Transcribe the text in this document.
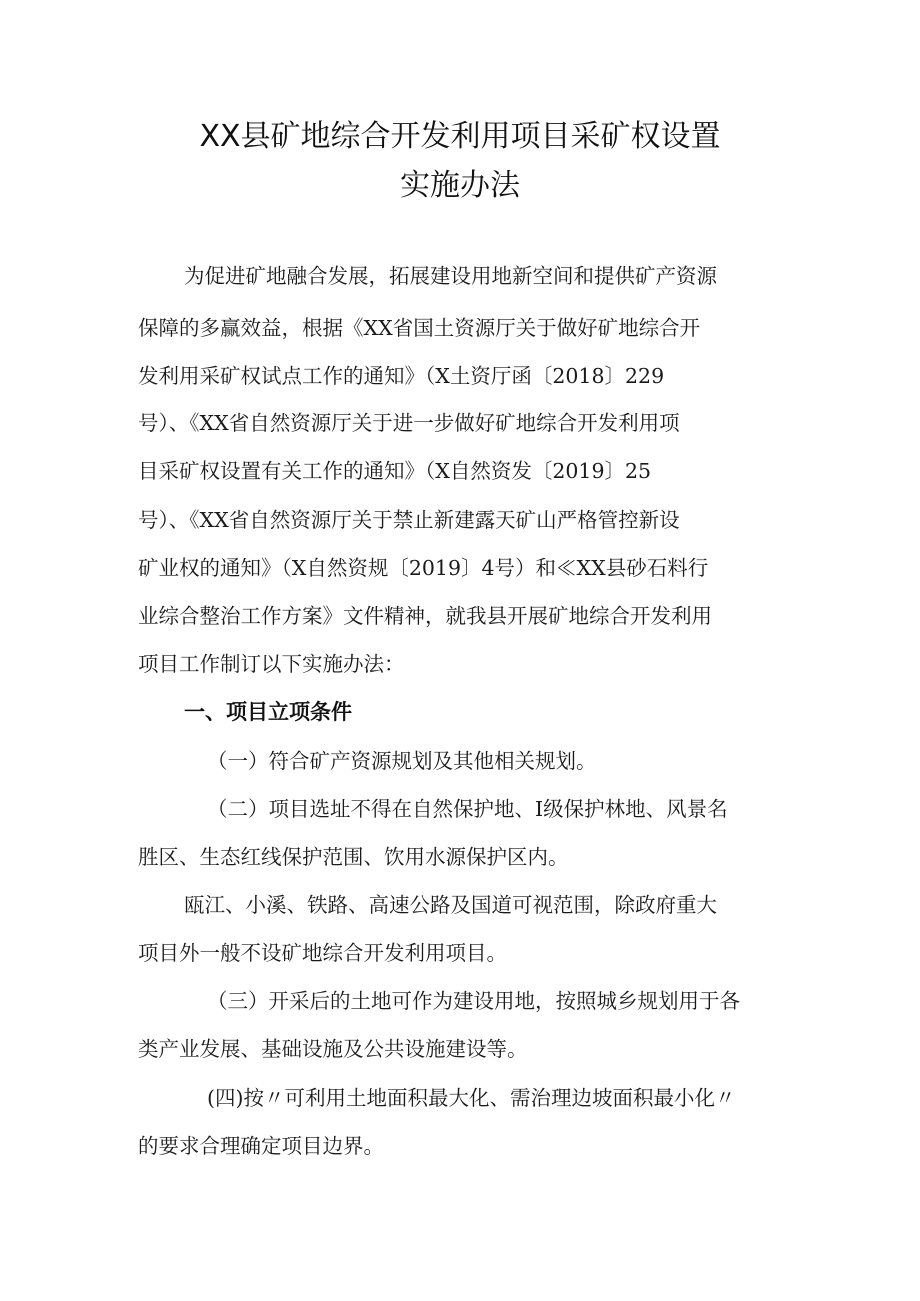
XX县矿地综合开发利用项目采矿权设置
实施办法
为促进矿地融合发展，拓展建设用地新空间和提供矿产资源
保障的多赢效益，根据《XX省国土资源厅关于做好矿地综合开
发利用采矿权试点工作的通知》（X土资厅函〔2018〕229
号）、《XX省自然资源厅关于进一步做好矿地综合开发利用项
目采矿权设置有关工作的通知》（X自然资发〔2019〕25
号）、《XX省自然资源厅关于禁止新建露天矿山严格管控新设
矿业权的通知》（X自然资规〔2019〕4号）和≪XX县砂石料行
业综合整治工作方案》文件精神，就我县开展矿地综合开发利用
项目工作制订以下实施办法：
一、项目立项条件
（一）符合矿产资源规划及其他相关规划。
（二）项目选址不得在自然保护地、Ⅰ级保护林地、风景名
胜区、生态红线保护范围、饮用水源保护区内。
瓯江、小溪、铁路、高速公路及国道可视范围，除政府重大
项目外一般不设矿地综合开发利用项目。
（三）开采后的土地可作为建设用地，按照城乡规划用于各
类产业发展、基础设施及公共设施建设等。
(四)按〃可利用土地面积最大化、需治理边坡面积最小化〃
的要求合理确定项目边界。
